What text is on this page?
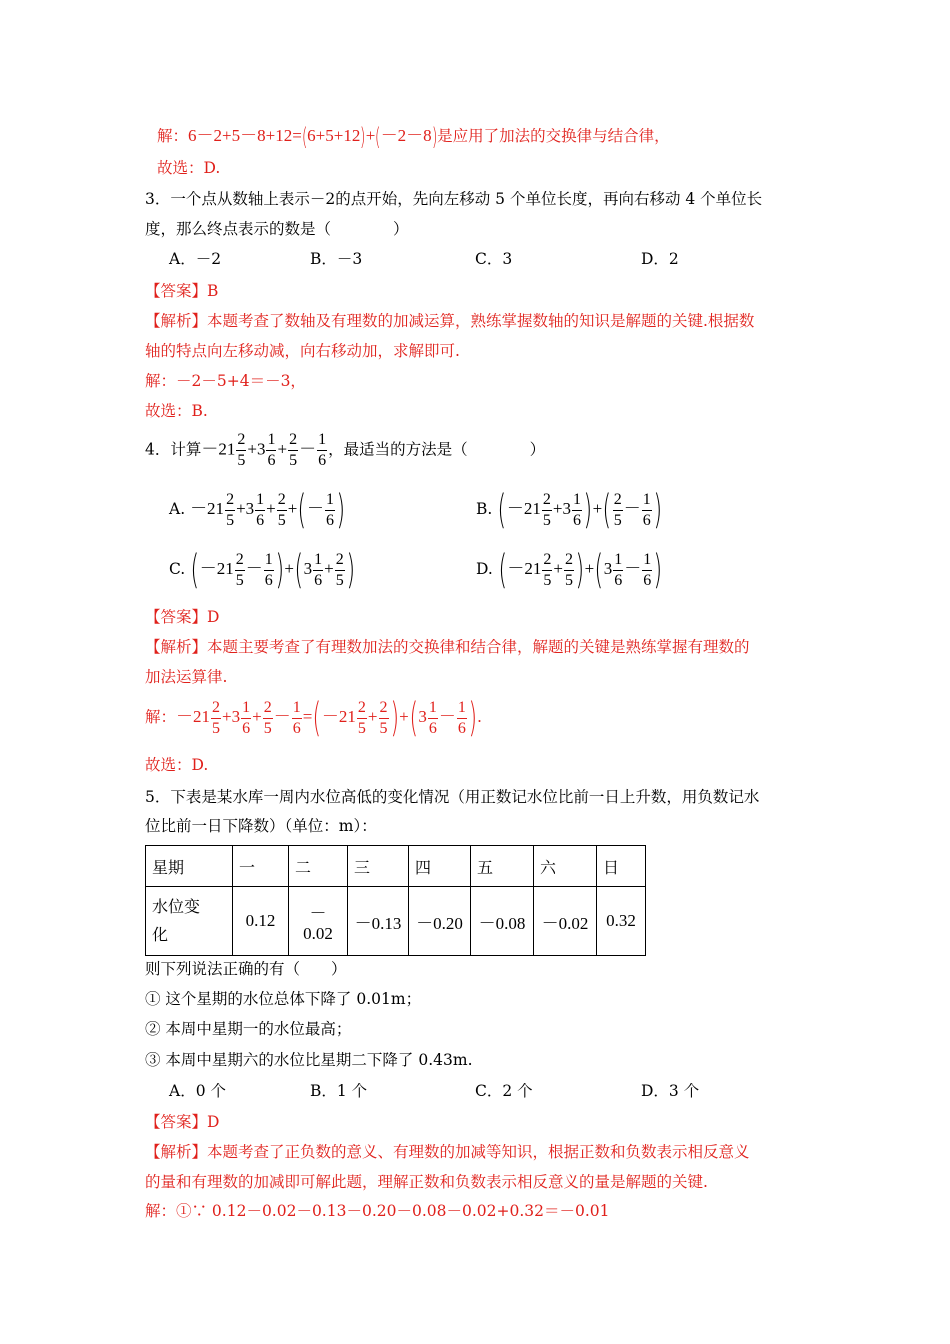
解：6－2+5－8+12=(6+5+12)+(－2－8)是应用了加法的交换律与结合律，
故选：D.
3．一个点从数轴上表示－2的点开始，先向左移动 5 个单位长度，再向右移动 4 个单位长
度，那么终点表示的数是（　　　　）
A．－2	B．－3	C．3	D．2
【答案】B
【解析】本题考查了数轴及有理数的加减运算，熟练掌握数轴的知识是解题的关键.根据数
轴的特点向左移动减，向右移动加，求解即可.
解：－2－5+4＝－3，
故选：B.
4．计算$-21 \frac{2}{5} +3 \frac{1}{6} + \frac{2}{5} - \frac{1}{6}$ ，最适当的方法是（　　　　）
A. $-21 \frac{2}{5} +3 \frac{1}{6} + \frac{2}{5}$ +(－ $\frac{1}{6}$ )	B. ($-21 \frac{2}{5} +3 \frac{1}{6}$ )+( $\frac{2}{5} - \frac{1}{6}$ )
C. $(-21 \frac{2}{5} - \frac{1}{6} )+(3 \frac{1}{6} + \frac{2}{5}$ )	D. $(-21 \frac{2}{5} + \frac{2}{5} )+(3 \frac{1}{6} - \frac{1}{6}$ )
【答案】D
【解析】本题主要考查了有理数加法的交换律和结合律，解题的关键是熟练掌握有理数的
加法运算律.
解：$-21 \frac{2}{5} +3 \frac{1}{6} + \frac{2}{5} - \frac{1}{6} =(-21 \frac{2}{5} + \frac{2}{5} )+(3 \frac{1}{6} - \frac{1}{6}$ ).
故选：D.
5．下表是某水库一周内水位高低的变化情况（用正数记水位比前一日上升数，用负数记水
位比前一日下降数）（单位：m）：
星期	一	二	三	四	五	六	日

水位变
化	0.12	－0.02	－0.13	－0.20	－0.08	－0.02	0.32
则下列说法正确的有（　　）
① 这个星期的水位总体下降了 0.01m；
② 本周中星期一的水位最高；
③ 本周中星期六的水位比星期二下降了 0.43m.
A．0 个	B．1 个	C．2 个	D．3 个
【答案】D
【解析】本题考查了正负数的意义、有理数的加减等知识，根据正数和负数表示相反意义
的量和有理数的加减即可解此题，理解正数和负数表示相反意义的量是解题的关键.
解：①∵ 0.12－0.02－0.13－0.20－0.08－0.02+0.32＝－0.01
